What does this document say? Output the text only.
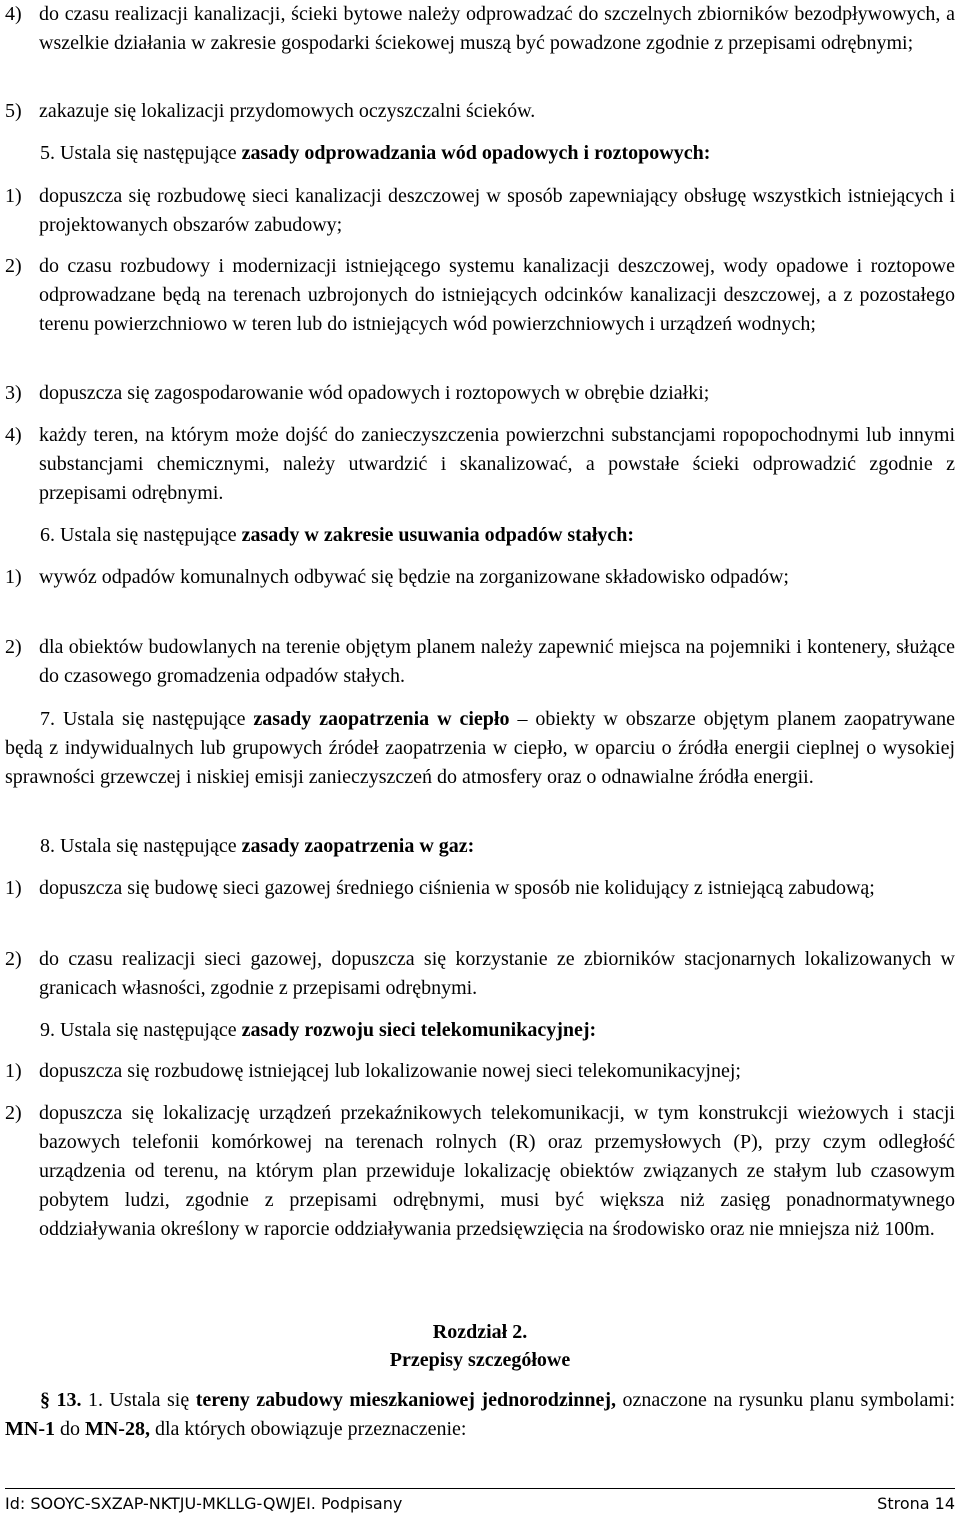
4) do czasu realizacji kanalizacji, ścieki bytowe należy odprowadzać do szczelnych zbiorników bezodpływowych, a wszelkie działania w zakresie gospodarki ściekowej muszą być powadzone zgodnie z przepisami odrębnymi;
5) zakazuje się lokalizacji przydomowych oczyszczalni ścieków.

5. Ustala się następujące zasady odprowadzania wód opadowych i roztopowych:

1) dopuszcza się rozbudowę sieci kanalizacji deszczowej w sposób zapewniający obsługę wszystkich istniejących i projektowanych obszarów zabudowy;
2) do czasu rozbudowy i modernizacji istniejącego systemu kanalizacji deszczowej, wody opadowe i roztopowe odprowadzane będą na terenach uzbrojonych do istniejących odcinków kanalizacji deszczowej, a z pozostałego terenu powierzchniowo w teren lub do istniejących wód powierzchniowych i urządzeń wodnych;
3) dopuszcza się zagospodarowanie wód opadowych i roztopowych w obrębie działki;
4) każdy teren, na którym może dojść do zanieczyszczenia powierzchni substancjami ropopochodnymi lub innymi substancjami chemicznymi, należy utwardzić i skanalizować, a powstałe ścieki odprowadzić zgodnie z przepisami odrębnymi.

6. Ustala się następujące zasady w zakresie usuwania odpadów stałych:

1) wywóz odpadów komunalnych odbywać się będzie na zorganizowane składowisko odpadów;
2) dla obiektów budowlanych na terenie objętym planem należy zapewnić miejsca na pojemniki i kontenery, służące do czasowego gromadzenia odpadów stałych.

7. Ustala się następujące zasady zaopatrzenia w ciepło – obiekty w obszarze objętym planem zaopatrywane będą z indywidualnych lub grupowych źródeł zaopatrzenia w ciepło, w oparciu o źródła energii cieplnej o wysokiej sprawności grzewczej i niskiej emisji zanieczyszczeń do atmosfery oraz o odnawialne źródła energii.

8. Ustala się następujące zasady zaopatrzenia w gaz:

1) dopuszcza się budowę sieci gazowej średniego ciśnienia w sposób nie kolidujący z istniejącą zabudową;
2) do czasu realizacji sieci gazowej, dopuszcza się korzystanie ze zbiorników stacjonarnych lokalizowanych w granicach własności, zgodnie z przepisami odrębnymi.

9. Ustala się następujące zasady rozwoju sieci telekomunikacyjnej:

1) dopuszcza się rozbudowę istniejącej lub lokalizowanie nowej sieci telekomunikacyjnej;
2) dopuszcza się lokalizację urządzeń przekaźnikowych telekomunikacji, w tym konstrukcji wieżowych i stacji bazowych telefonii komórkowej na terenach rolnych (R) oraz przemysłowych (P), przy czym odległość urządzenia od terenu, na którym plan przewiduje lokalizację obiektów związanych ze stałym lub czasowym pobytem ludzi, zgodnie z przepisami odrębnymi, musi być większa niż zasięg ponadnormatywnego oddziaływania określony w raporcie oddziaływania przedsięwzięcia na środowisko oraz nie mniejsza niż 100m.

Rozdział 2.

Przepisy szczegółowe

§ 13. 1. Ustala się tereny zabudowy mieszkaniowej jednorodzinnej, oznaczone na rysunku planu symbolami: MN-1 do MN-28, dla których obowiązuje przeznaczenie:

Id: SOOYC-SXZAP-NKTJU-MKLLG-QWJEI. Podpisany	Strona 14
